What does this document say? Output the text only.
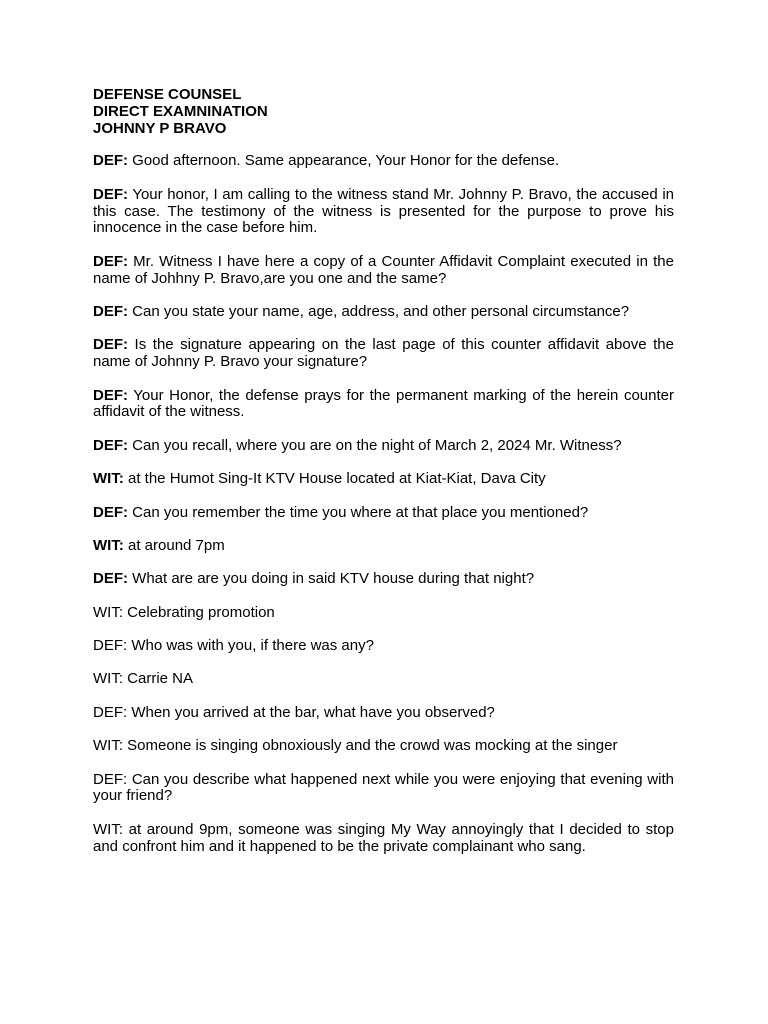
DEFENSE COUNSEL
DIRECT EXAMNINATION
JOHNNY P BRAVO

DEF: Good afternoon. Same appearance, Your Honor for the defense.

DEF: Your honor, I am calling to the witness stand Mr. Johnny P. Bravo, the accused in this case. The testimony of the witness is presented for the purpose to prove his innocence in the case before him.

DEF: Mr. Witness I have here a copy of a Counter Affidavit Complaint executed in the name of Johhny P. Bravo,are you one and the same?

DEF: Can you state your name, age, address, and other personal circumstance?

DEF: Is the signature appearing on the last page of this counter affidavit above the name of Johnny P. Bravo your signature?

DEF: Your Honor, the defense prays for the permanent marking of the herein counter affidavit of the witness.

DEF: Can you recall, where you are on the night of March 2, 2024 Mr. Witness?

WIT: at the Humot Sing-It KTV House located at Kiat-Kiat, Dava City

DEF: Can you remember the time you where at that place you mentioned?

WIT: at around 7pm

DEF: What are are you doing in said KTV house during that night?

WIT: Celebrating promotion

DEF: Who was with you, if there was any?

WIT: Carrie NA

DEF: When you arrived at the bar, what have you observed?

WIT: Someone is singing obnoxiously and the crowd was mocking at the singer

DEF: Can you describe what happened next while you were enjoying that evening with your friend?

WIT: at around 9pm, someone was singing My Way annoyingly that I decided to stop and confront him and it happened to be the private complainant who sang.
